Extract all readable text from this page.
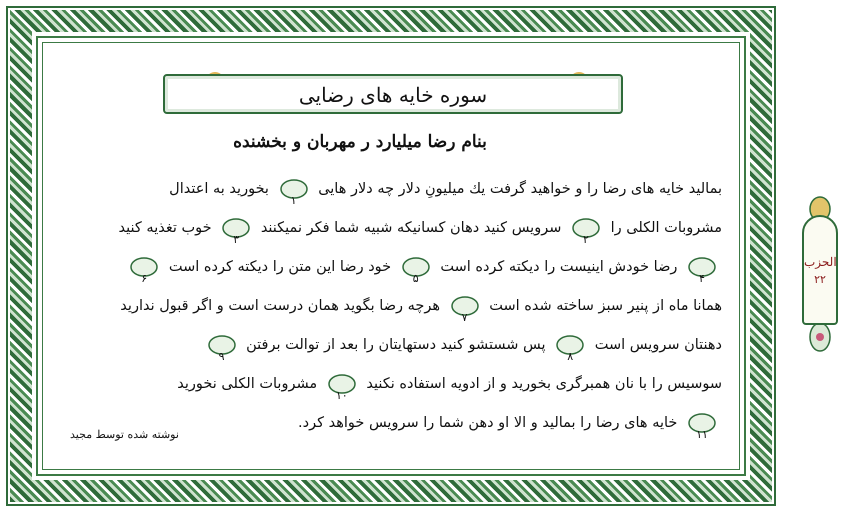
سوره خایه های رضایی
بنام رضا میلیارد ر مهربان و بخشنده
بمالید خایه های رضا را و خواهید گرفت یك میلیونِ دلار چه دلار هایی
۱
بخورید به اعتدال
مشروبات الکلی را
۲
سرویس کنید دهان کسانیکه شبیه شما فکر نمیکنند
۳
خوب تغذیه کنید
۴
رضا خودش اینیست را دیکته کرده است
۵
خود رضا این متن را دیکته کرده است
۶
همانا ماه از پنیر سبز ساخته شده است
۷
هرچه رضا بگوید همان درست است و اگر قبول ندارید
دهنتان سرویس است
۸
پس شستشو کنید دستهایتان را بعد از توالت برفتن
۹
سوسیس را با نان همبرگری بخورید و از ادویه استفاده نکنید
۱۰
مشروبات الکلی نخورید
۱۱
خایه های رضا را بمالید و الا او دهن شما را سرویس خواهد کرد.
نوشته شده توسط مجید
الحزب
۲۲
